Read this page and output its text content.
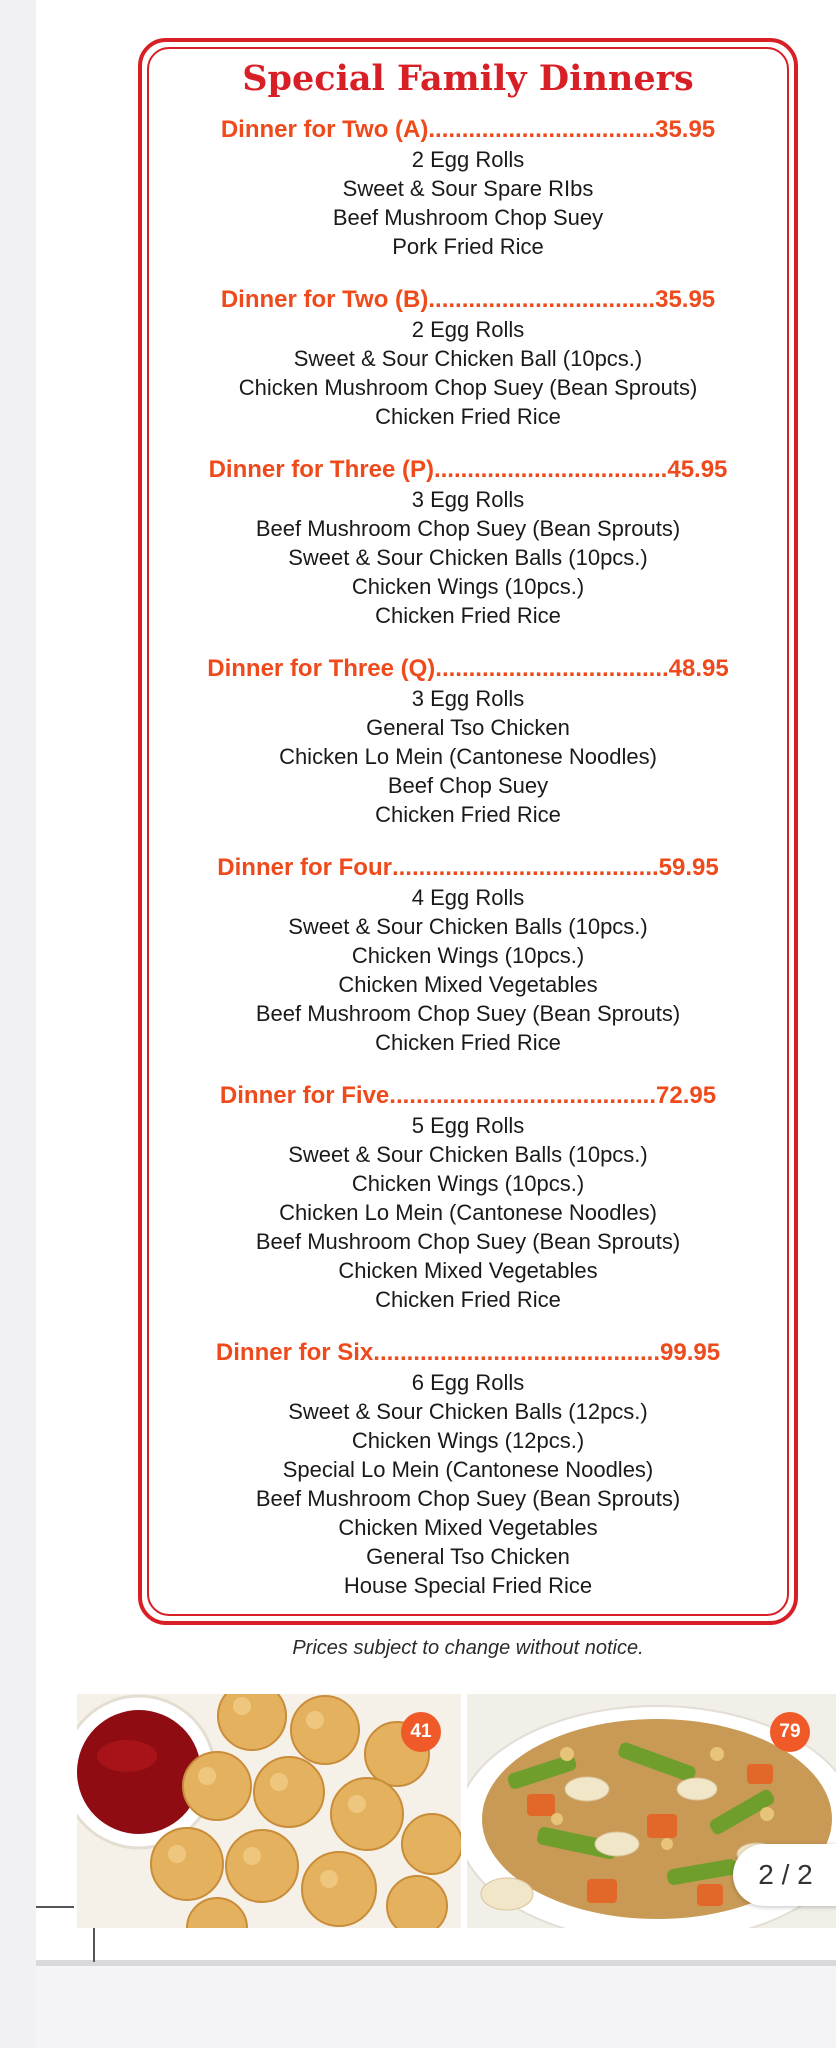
Special Family Dinners
Dinner for Two (A) .................................. 35.95
2 Egg Rolls
Sweet & Sour Spare RIbs
Beef Mushroom Chop Suey
Pork Fried Rice
Dinner for Two (B) .................................. 35.95
2 Egg Rolls
Sweet & Sour Chicken Ball (10pcs.)
Chicken Mushroom Chop Suey (Bean Sprouts)
Chicken Fried Rice
Dinner for Three (P) ................................... 45.95
3 Egg Rolls
Beef Mushroom Chop Suey (Bean Sprouts)
Sweet & Sour Chicken Balls (10pcs.)
Chicken Wings (10pcs.)
Chicken Fried Rice
Dinner for Three (Q) ................................... 48.95
3 Egg Rolls
General Tso Chicken
Chicken Lo Mein (Cantonese Noodles)
Beef Chop Suey
Chicken Fried Rice
Dinner for Four ........................................ 59.95
4 Egg Rolls
Sweet & Sour Chicken Balls (10pcs.)
Chicken Wings (10pcs.)
Chicken Mixed Vegetables
Beef Mushroom Chop Suey (Bean Sprouts)
Chicken Fried Rice
Dinner for Five ........................................ 72.95
5 Egg Rolls
Sweet & Sour Chicken Balls (10pcs.)
Chicken Wings (10pcs.)
Chicken Lo Mein (Cantonese Noodles)
Beef Mushroom Chop Suey (Bean Sprouts)
Chicken Mixed Vegetables
Chicken Fried Rice
Dinner for Six ........................................... 99.95
6 Egg Rolls
Sweet & Sour Chicken Balls (12pcs.)
Chicken Wings (12pcs.)
Special Lo Mein (Cantonese Noodles)
Beef Mushroom Chop Suey (Bean Sprouts)
Chicken Mixed Vegetables
General Tso Chicken
House Special Fried Rice
Prices subject to change without notice.
41	79
2 / 2
